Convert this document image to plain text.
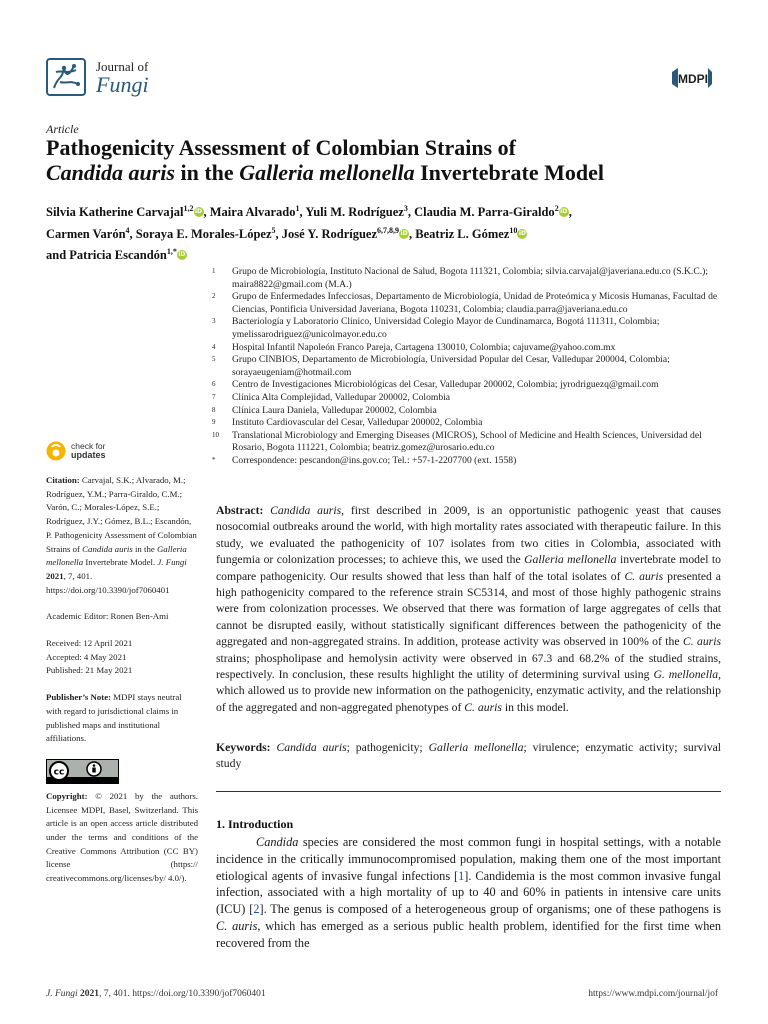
Journal of
Fungi	MDPI
Article
Pathogenicity Assessment of Colombian Strains of
Candida auris in the Galleria mellonella Invertebrate Model
Silvia Katherine Carvajal$^{1,2}$iD, Maira Alvarado$^1$, Yuli M. Rodríguez$^3$, Claudia M. Parra-Giraldo$^2$iD,
Carmen Varón$^4$, Soraya E. Morales-López$^5$, José Y. Rodríguez$^{6,7,8,9}$iD, Beatriz L. Gómez$^{10}$iD
and Patricia Escandón$^{1,*}$iD
1	Grupo de Microbiología, Instituto Nacional de Salud, Bogota 111321, Colombia; silvia.carvajal@javeriana.edu.co (S.K.C.); maira8822@gmail.com (M.A.)
2	Grupo de Enfermedades Infecciosas, Departamento de Microbiología, Unidad de Proteómica y Micosis Humanas, Facultad de Ciencias, Pontificia Universidad Javeriana, Bogota 110231, Colombia; claudia.parra@javeriana.edu.co
3	Bacteriología y Laboratorio Clínico, Universidad Colegio Mayor de Cundinamarca, Bogotá 111311, Colombia; ymelissarodriguez@unicolmayor.edu.co
4	Hospital Infantil Napoleón Franco Pareja, Cartagena 130010, Colombia; cajuvame@yahoo.com.mx
5	Grupo CINBIOS, Departamento de Microbiología, Universidad Popular del Cesar, Valledupar 200004, Colombia; sorayaeugeniam@hotmail.com
6	Centro de Investigaciones Microbiológicas del Cesar, Valledupar 200002, Colombia; jyrodriguezq@gmail.com
7	Clínica Alta Complejidad, Valledupar 200002, Colombia
8	Clínica Laura Daniela, Valledupar 200002, Colombia
9	Instituto Cardiovascular del Cesar, Valledupar 200002, Colombia
10	Translational Microbiology and Emerging Diseases (MICROS), School of Medicine and Health Sciences, Universidad del Rosario, Bogota 111221, Colombia; beatriz.gomez@urosario.edu.co
*	Correspondence: pescandon@ins.gov.co; Tel.: +57-1-2207700 (ext. 1558)
check for
updates

Citation: Carvajal, S.K.; Alvarado, M.; Rodríguez, Y.M.; Parra-Giraldo, C.M.; Varón, C.; Morales-López, S.E.; Rodríguez, J.Y.; Gómez, B.L.; Escandón, P. Pathogenicity Assessment of Colombian Strains of Candida auris in the Galleria mellonella Invertebrate Model. J. Fungi 2021, 7, 401. https://doi.org/10.3390/jof7060401

Academic Editor: Ronen Ben-Ami

Received: 12 April 2021
Accepted: 4 May 2021
Published: 21 May 2021

Publisher’s Note: MDPI stays neutral with regard to jurisdictional claims in published maps and institutional affiliations.

cc

Copyright: © 2021 by the authors. Licensee MDPI, Basel, Switzerland. This article is an open access article distributed under the terms and conditions of the Creative Commons Attribution (CC BY) license (https:// creativecommons.org/licenses/by/ 4.0/).

Abstract: Candida auris, first described in 2009, is an opportunistic pathogenic yeast that causes nosocomial outbreaks around the world, with high mortality rates associated with therapeutic failure. In this study, we evaluated the pathogenicity of 107 isolates from two cities in Colombia, associated with fungemia or colonization processes; to achieve this, we used the Galleria mellonella invertebrate model to compare pathogenicity. Our results showed that less than half of the total isolates of C. auris presented a high pathogenicity compared to the reference strain SC5314, and most of those highly pathogenic strains were from colonization processes. We observed that there was formation of large aggregates of cells that cannot be disrupted easily, without statistically significant differences between the pathogenicity of the aggregated and non-aggregated strains. In addition, protease activity was observed in 100% of the C. auris strains; phospholipase and hemolysin activity were observed in 67.3 and 68.2% of the studied strains, respectively. In conclusion, these results highlight the utility of determining survival using G. mellonella, which allowed us to provide new information on the pathogenicity, enzymatic activity, and the relationship of the aggregated and non-aggregated phenotypes of C. auris in this model.
Keywords: Candida auris; pathogenicity; Galleria mellonella; virulence; enzymatic activity; survival study
1. Introduction
Candida species are considered the most common fungi in hospital settings, with a notable incidence in the critically immunocompromised population, making them one of the most important etiological agents of invasive fungal infections [1]. Candidemia is the most common invasive fungal infection, associated with a high mortality of up to 40 and 60% in patients in intensive care units (ICU) [2]. The genus is composed of a heterogeneous group of organisms; one of these pathogens is C. auris, which has emerged as a serious public health problem, identified for the first time when recovered from the
J. Fungi 2021, 7, 401. https://doi.org/10.3390/jof7060401	https://www.mdpi.com/journal/jof
